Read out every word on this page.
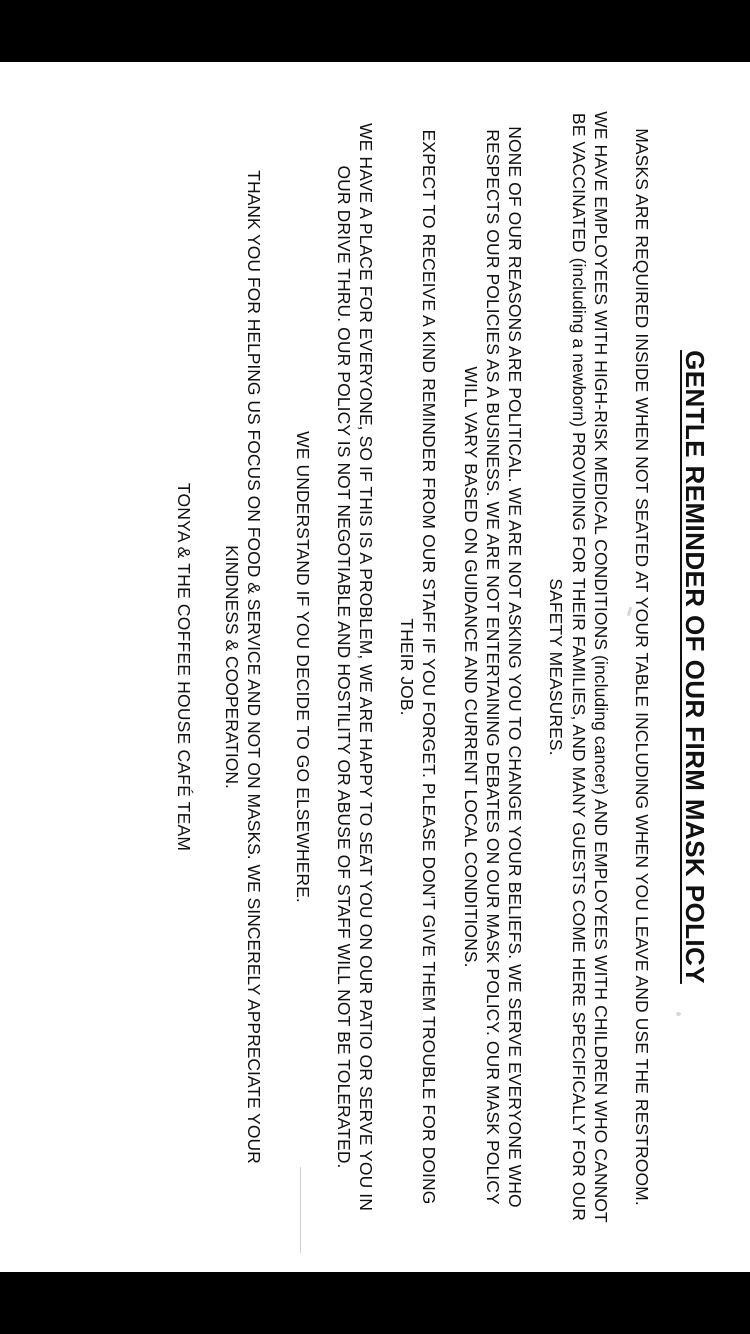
GENTLE REMINDER OF OUR FIRM MASK POLICY

MASKS ARE REQUIRED INSIDE WHEN NOT SEATED AT YOUR TABLE INCLUDING WHEN YOU LEAVE AND USE THE RESTROOM.

WE HAVE EMPLOYEES WITH HIGH-RISK MEDICAL CONDITIONS (including cancer) AND EMPLOYEES WITH CHILDREN WHO CANNOT BE VACCINATED (including a newborn) PROVIDING FOR THEIR FAMILIES, AND MANY GUESTS COME HERE SPECIFICALLY FOR OUR SAFETY MEASURES.

NONE OF OUR REASONS ARE POLITICAL. WE ARE NOT ASKING YOU TO CHANGE YOUR BELIEFS. WE SERVE EVERYONE WHO RESPECTS OUR POLICIES AS A BUSINESS. WE ARE NOT ENTERTAINING DEBATES ON OUR MASK POLICY. OUR MASK POLICY WILL VARY BASED ON GUIDANCE AND CURRENT LOCAL CONDITIONS.

EXPECT TO RECEIVE A KIND REMINDER FROM OUR STAFF IF YOU FORGET. PLEASE DON'T GIVE THEM TROUBLE FOR DOING THEIR JOB.

WE HAVE A PLACE FOR EVERYONE, SO IF THIS IS A PROBLEM, WE ARE HAPPY TO SEAT YOU ON OUR PATIO OR SERVE YOU IN OUR DRIVE THRU. OUR POLICY IS NOT NEGOTIABLE AND HOSTILITY OR ABUSE OF STAFF WILL NOT BE TOLERATED.

WE UNDERSTAND IF YOU DECIDE TO GO ELSEWHERE.

THANK YOU FOR HELPING US FOCUS ON FOOD & SERVICE AND NOT ON MASKS. WE SINCERELY APPRECIATE YOUR KINDNESS & COOPERATION.
TONYA & THE COFFEE HOUSE CAFÉ TEAM
